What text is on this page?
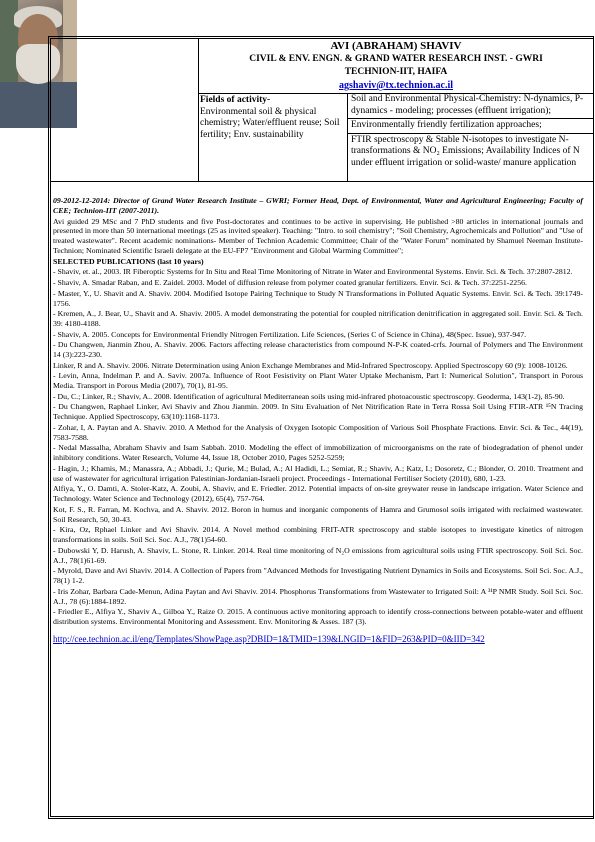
AVI (ABRAHAM) SHAVIV
CIVIL & ENV. ENGN. & GRAND WATER RESEARCH INST. - GWRI
TECHNION-IIT, HAIFA
agshaviv@tx.technion.ac.il
Fields of activity-
Environmental soil & physical chemistry; Water/effluent reuse; Soil fertility; Env. sustainability
Soil and Environmental Physical-Chemistry: N-dynamics, P-dynamics - modeling; processes (effluent irrigation);
Environmentally friendly fertilization approaches;
FTIR spectroscopy & Stable N-isotopes to investigate N-transformations & NO₂ Emissions; Availability Indices of N under effluent irrigation or solid-waste/ manure application

09-2012-12-2014: Director of Grand Water Research Institute – GWRI; Former Head, Dept. of Environmental, Water and Agricultural Engineering; Faculty of CEE; Technion-IIT (2007-2011).

Avi guided 29 MSc and 7 PhD students and five Post-doctorates and continues to be active in supervising. He published >80 articles in international journals and presented in more than 50 international meetings (25 as invited speaker). Teaching: "Intro. to soil chemistry"; "Soil Chemistry, Agrochemicals and Pollution" and "Use of treated wastewater". Recent academic nominations- Member of Technion Academic Committee; Chair of the "Water Forum" nominated by Shamuel Neeman Institute-Technion; Nominated Scientific Israeli delegate at the EU-FP7 "Environment and Global Warming Committee";

SELECTED PUBLICATIONS (last 10 years)

- Shaviv, et. al., 2003. IR Fiberoptic Systems for In Situ and Real Time Monitoring of Nitrate in Water and Environmental Systems. Envir. Sci. & Tech. 37:2807-2812.

- Shaviv, A. Smadar Raban, and E. Zaidel. 2003. Model of diffusion release from polymer coated granular fertilizers. Envir. Sci. & Tech. 37:2251-2256.

- Master, Y., U. Shavit and A. Shaviv. 2004. Modified Isotope Pairing Technique to Study N Transformations in Polluted Aquatic Systems. Envir. Sci. & Tech. 39:1749-1756.

- Kremen, A., J. Bear, U., Shavit and A. Shaviv. 2005. A model demonstrating the potential for coupled nitrification denitrification in aggregated soil. Envir. Sci. & Tech. 39: 4180-4188.

- Shaviv, A. 2005. Concepts for Environmental Friendly Nitrogen Fertilization. Life Sciences, (Series C of Science in China), 48(Spec. Issue), 937-947.

- Du Changwen, Jianmin Zhou, A. Shaviv. 2006. Factors affecting release characteristics from compound N-P-K coated-crfs. Journal of Polymers and The Environment 14 (3):223-230.

Linker, R and A. Shaviv. 2006. Nitrate Determination using Anion Exchange Membranes and Mid-Infrared Spectroscopy. Applied Spectroscopy 60 (9): 1008-10126.

- Levin, Anna, Indelman P. and A. Saviv. 2007a. Influence of Root Fesistivity on Plant Water Uptake Mechanism, Part I: Numerical Solution", Transport in Porous Media. Transport in Porous Media (2007), 70(1), 81-95.

- Du, C.; Linker, R.; Shaviv, A.. 2008. Identification of agricultural Mediterranean soils using mid-infrared photoacoustic spectroscopy. Geoderma, 143(1-2), 85-90.

- Du Changwen, Raphael Linker, Avi Shaviv and Zhou Jianmin. 2009. In Situ Evaluation of Net Nitrification Rate in Terra Rossa Soil Using FTIR-ATR ¹⁵N Tracing Technique. Applied Spectroscopy, 63(10):1168-1173.

- Zohar, I, A. Paytan and A. Shaviv. 2010. A Method for the Analysis of Oxygen Isotopic Composition of Various Soil Phosphate Fractions. Envir. Sci. & Tec., 44(19), 7583-7588.

- Nedal Massalha, Abraham Shaviv and Isam Sabbah. 2010. Modeling the effect of immobilization of microorganisms on the rate of biodegradation of phenol under inhibitory conditions. Water Research, Volume 44, Issue 18, October 2010, Pages 5252-5259;

- Hagin, J.; Khamis, M.; Manassra, A.; Abbadi, J.; Qurie, M.; Bulad, A.; Al Hadidi, L.; Semiat, R.; Shaviv, A.; Katz, I.; Dosoretz, C.; Blonder, O. 2010. Treatment and use of wastewater for agricultural irrigation Palestinian-Jordanian-Israeli project. Proceedings - International Fertiliser Society (2010), 680, 1-23.

Alfiya, Y., O. Damti, A. Stoler-Katz, A. Zoubi, A. Shaviv, and E. Friedler. 2012. Potential impacts of on-site greywater reuse in landscape irrigation. Water Science and Technology. Water Science and Technology (2012), 65(4), 757-764.

Kot, F. S., R. Farran, M. Kochva, and A. Shaviv. 2012. Boron in humus and inorganic components of Hamra and Grumosol soils irrigated with reclaimed wastewater. Soil Research, 50, 30-43.

- Kira, Oz, Rphael Linker and Avi Shaviv. 2014. A Novel method combining FRIT-ATR spectroscopy and stable isotopes to investigate kinetics of nitrogen transformations in soils. Soil Sci. Soc. A.J., 78(1)54-60.

- Dubowski Y, D. Harush, A. Shaviv, L. Stone, R. Linker. 2014. Real time monitoring of N₂O emissions from agricultural soils using FTIR spectroscopy. Soil Sci. Soc. A.J., 78(1)61-69.

- Myrold, Dave and Avi Shaviv. 2014. A Collection of Papers from "Advanced Methods for Investigating Nutrient Dynamics in Soils and Ecosystems. Soil Sci. Soc. A.J., 78(1) 1-2.

- Iris Zohar, Barbara Cade-Menun, Adina Paytan and Avi Shaviv. 2014. Phosphorus Transformations from Wastewater to Irrigated Soil: A ³¹P NMR Study. Soil Sci. Soc. A.J., 78 (6):1884-1892.

- Friedler E., Alfiya Y., Shaviv A., Gilboa Y., Raize O. 2015. A continuous active monitoring approach to identify cross-connections between potable-water and effluent distribution systems. Environmental Monitoring and Assessment. Env. Monitoring & Asses. 187 (3).

http://cee.technion.ac.il/eng/Templates/ShowPage.asp?DBID=1&TMID=139&LNGID=1&FID=263&PID=0&IID=342
